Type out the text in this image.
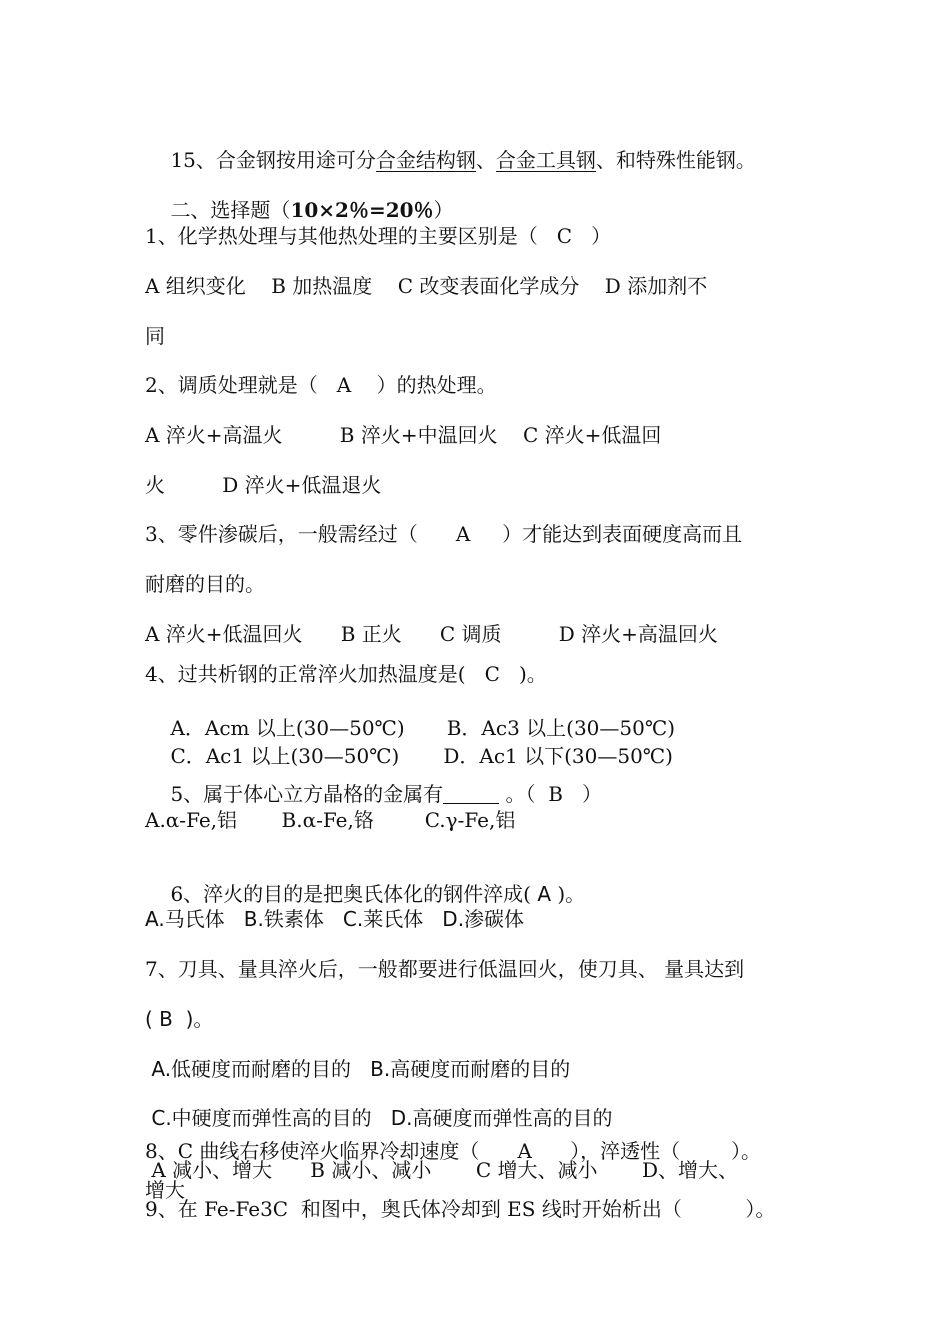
15、合金钢按用途可分合金结构钢、合金工具钢、和特殊性能钢。

二、选择题（10×2％=20％）

1、化学热处理与其他热处理的主要区别是（   C   ）
A 组织变化    B 加热温度    C 改变表面化学成分    D 添加剂不
同
2、调质处理就是（   A    ）的热处理。
A 淬火+高温火         B 淬火+中温回火    C 淬火+低温回
火         D 淬火+低温退火
3、零件渗碳后，一般需经过（      A     ）才能达到表面硬度高而且
耐磨的目的。
A 淬火+低温回火      B 正火      C 调质         D 淬火+高温回火
4、过共析钢的正常淬火加热温度是(   C   )。

A．Acm 以上(30—50℃) B．Ac3 以上(30—50℃)

C．Ac1 以上(30—50℃) D．Ac1 以下(30—50℃)

5、属于体心立方晶格的金属有	。（  B   ）

A.α-Fe,铝       B.α-Fe,铬        C.γ-Fe,铝

6、淬火的目的是把奥氏体化的钢件淬成( A )。

A.马氏体   B.铁素体   C.莱氏体   D.渗碳体
7、刀具、量具淬火后，一般都要进行低温回火，使刀具、 量具达到
( B  )。
A.低硬度而耐磨的目的   B.高硬度而耐磨的目的
C.中硬度而弹性高的目的   D.高硬度而弹性高的目的
8、C 曲线右移使淬火临界冷却速度（      A      ），淬透性（        ）。
A 减小、增大      B 减小、减小       C 增大、减小       D、增大、
增大
9、在 Fe-Fe3C  和图中，奥氏体冷却到 ES 线时开始析出（          ）。
